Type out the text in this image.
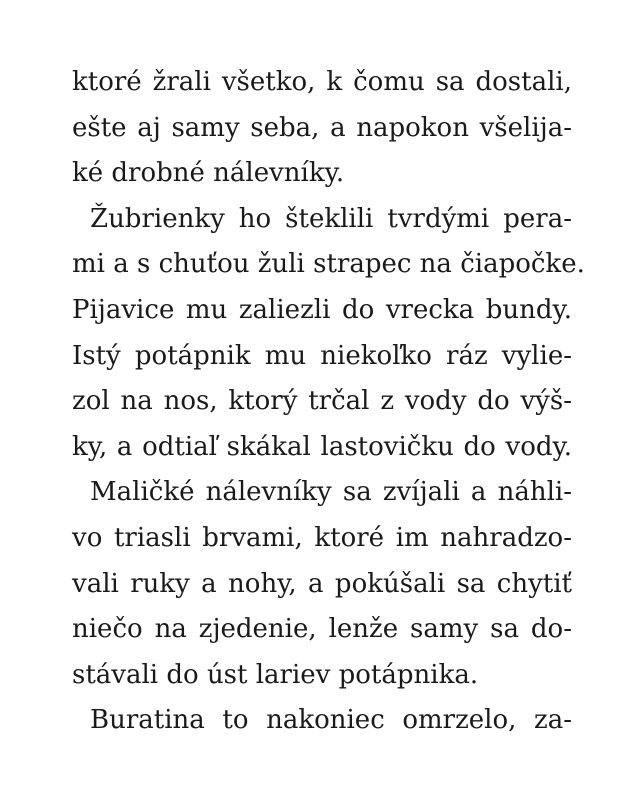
ktoré žrali všetko, k čomu sa dostali,
ešte aj samy seba, a napokon všelija-
ké drobné nálevníky.
Žubrienky ho šteklili tvrdými pera-
mi a s chuťou žuli strapec na čiapočke.
Pijavice mu zaliezli do vrecka bundy.
Istý potápnik mu niekoľko ráz vylie-
zol na nos, ktorý trčal z vody do výš-
ky, a odtiaľ skákal lastovičku do vody.
Maličké nálevníky sa zvíjali a náhli-
vo triasli brvami, ktoré im nahradzo-
vali ruky a nohy, a pokúšali sa chytiť
niečo na zjedenie, lenže samy sa do-
stávali do úst lariev potápnika.
Buratina to nakoniec omrzelo, za-
